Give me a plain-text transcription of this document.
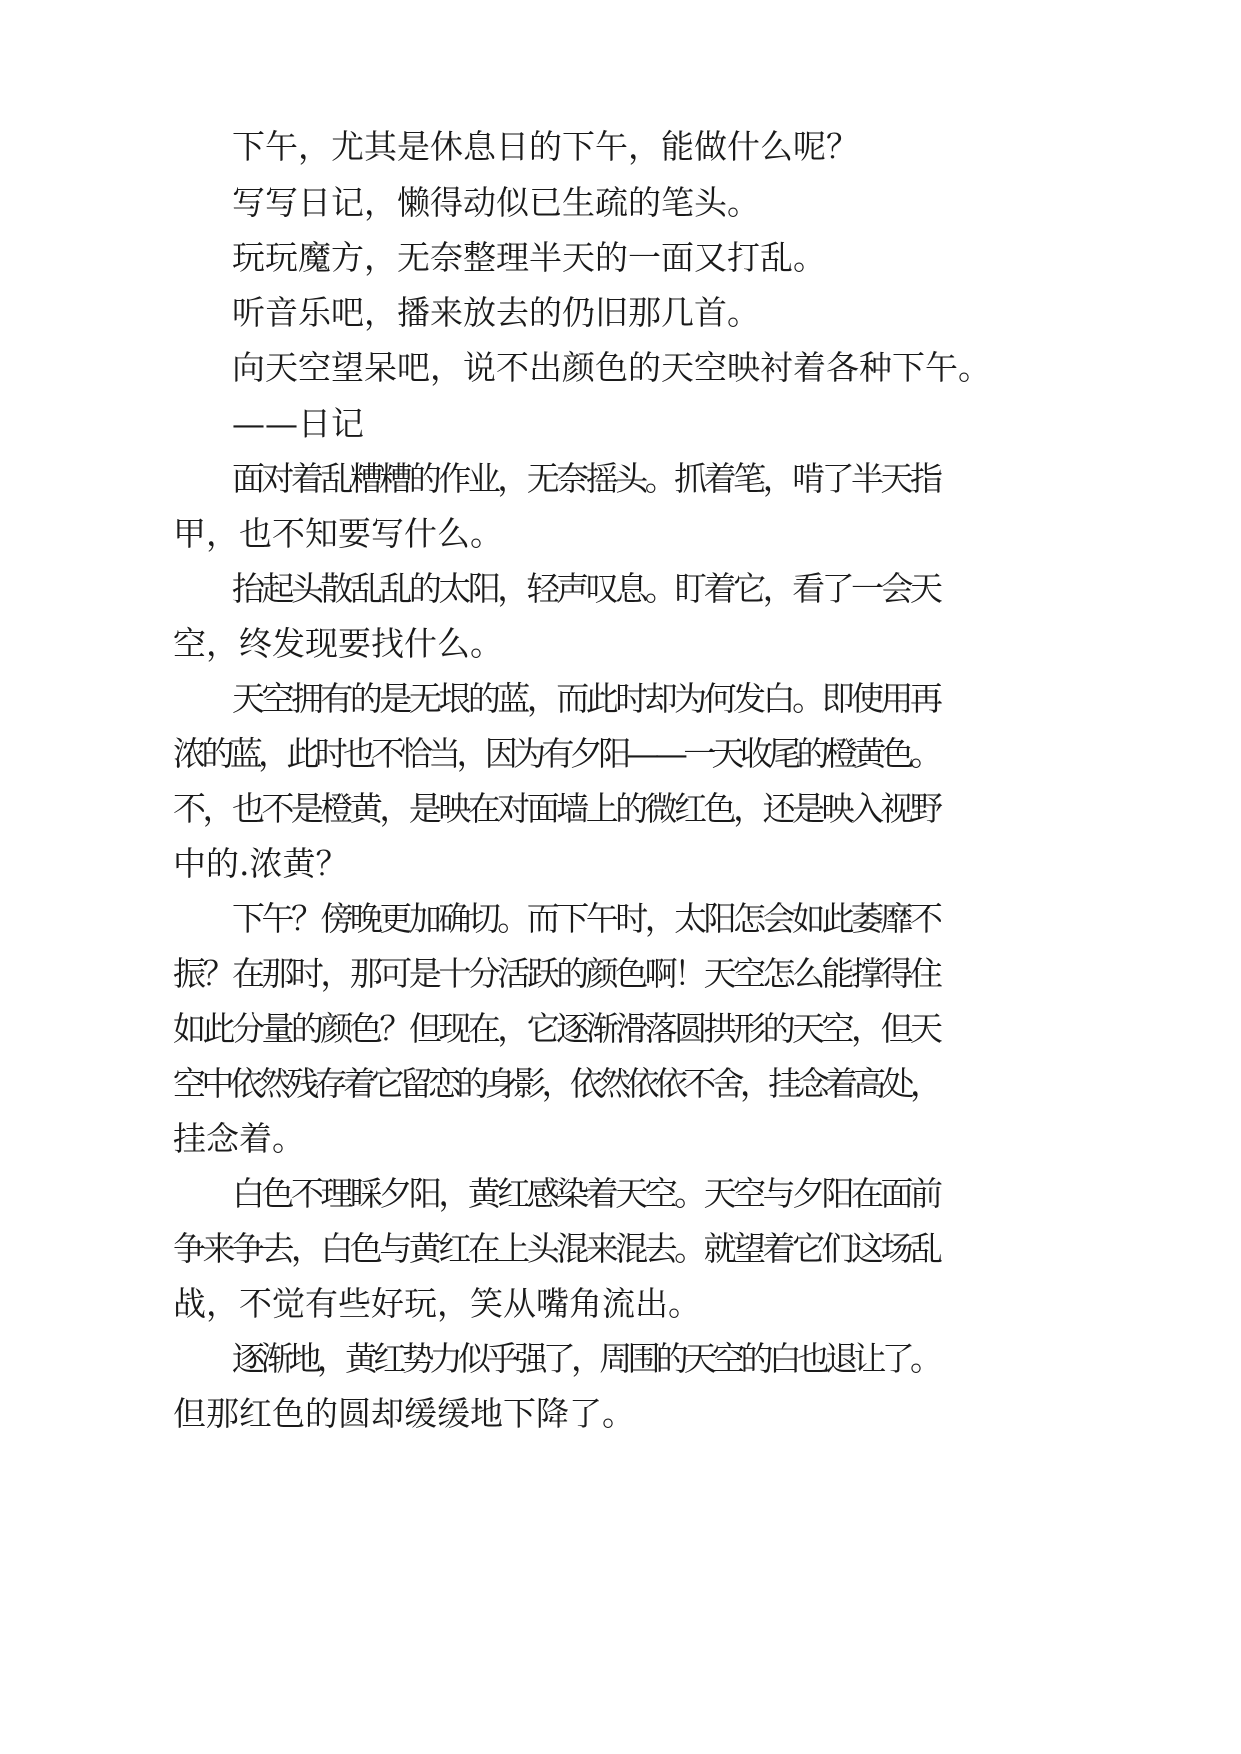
下午，尤其是休息日的下午，能做什么呢？
写写日记，懒得动似已生疏的笔头。
玩玩魔方，无奈整理半天的一面又打乱。
听音乐吧，播来放去的仍旧那几首。
向天空望呆吧，说不出颜色的天空映衬着各种下午。
——日记
面对着乱糟糟的作业，无奈摇头。抓着笔，啃了半天指
甲，也不知要写什么。
抬起头散乱乱的太阳，轻声叹息。盯着它，看了一会天
空，终发现要找什么。
天空拥有的是无垠的蓝，而此时却为何发白。即使用再
浓的蓝，此时也不恰当，因为有夕阳——一天收尾的橙黄色。
不，也不是橙黄，是映在对面墙上的微红色，还是映入视野
中的.浓黄？
下午？傍晚更加确切。而下午时，太阳怎会如此萎靡不
振？在那时，那可是十分活跃的颜色啊！天空怎么能撑得住
如此分量的颜色？但现在，它逐渐滑落圆拱形的天空，但天
空中依然残存着它留恋的身影，依然依依不舍，挂念着高处，
挂念着。
白色不理睬夕阳，黄红感染着天空。天空与夕阳在面前
争来争去，白色与黄红在上头混来混去。就望着它们这场乱
战，不觉有些好玩，笑从嘴角流出。
逐渐地，黄红势力似乎强了，周围的天空的白也退让了。
但那红色的圆却缓缓地下降了。
